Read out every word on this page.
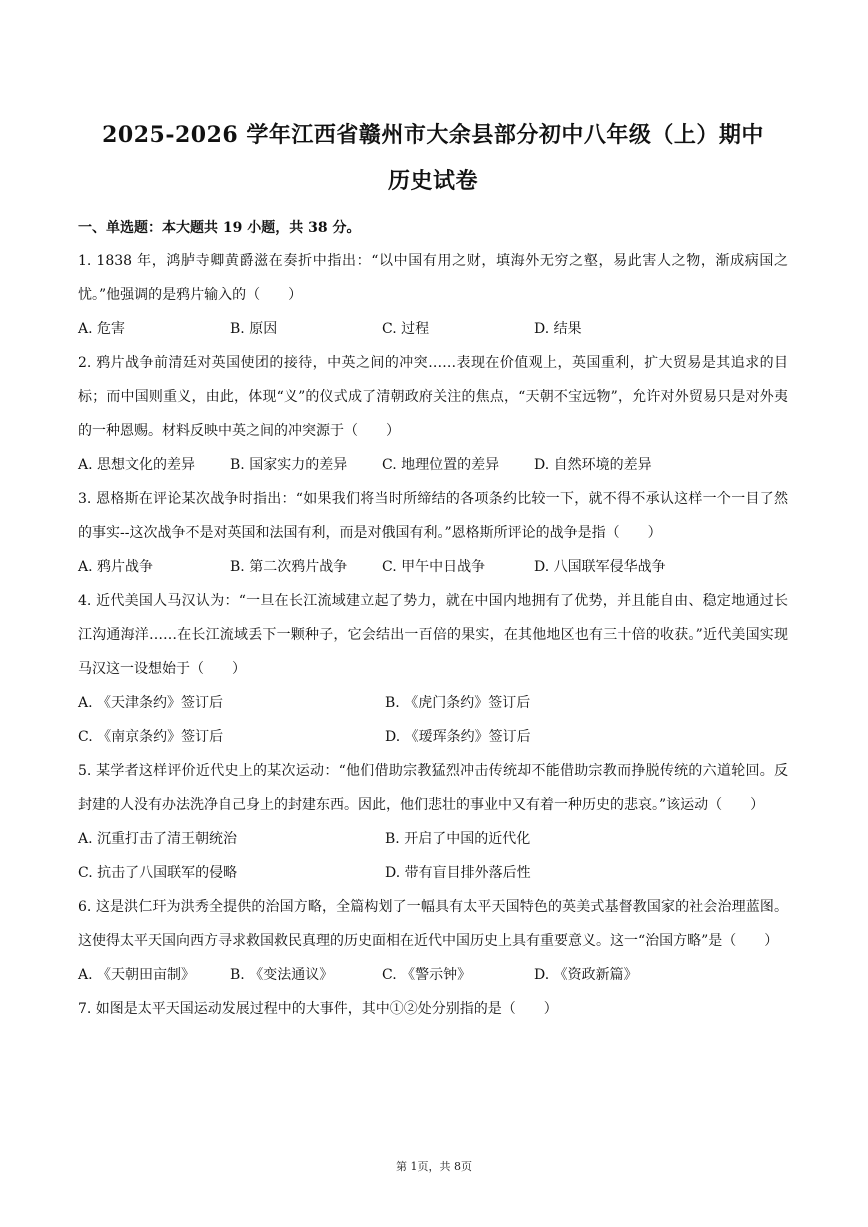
2025-2026 学年江西省赣州市大余县部分初中八年级（上）期中
历史试卷
一、单选题：本大题共 19 小题，共 38 分。

1. 1838 年，鸿胪寺卿黄爵滋在奏折中指出：“以中国有用之财，填海外无穷之壑，易此害人之物，渐成病国之忧。”他强调的是鸦片输入的（　　）

A. 危害	B. 原因	C. 过程	D. 结果

2. 鸦片战争前清廷对英国使团的接待，中英之间的冲突……表现在价值观上，英国重利，扩大贸易是其追求的目标；而中国则重义，由此，体现“义”的仪式成了清朝政府关注的焦点，“天朝不宝远物”，允许对外贸易只是对外夷的一种恩赐。材料反映中英之间的冲突源于（　　）

A. 思想文化的差异	B. 国家实力的差异	C. 地理位置的差异	D. 自然环境的差异

3. 恩格斯在评论某次战争时指出：“如果我们将当时所缔结的各项条约比较一下，就不得不承认这样一个一目了然的事实--这次战争不是对英国和法国有利，而是对俄国有利。”恩格斯所评论的战争是指（　　）

A. 鸦片战争	B. 第二次鸦片战争	C. 甲午中日战争	D. 八国联军侵华战争

4. 近代美国人马汉认为：“一旦在长江流域建立起了势力，就在中国内地拥有了优势，并且能自由、稳定地通过长江沟通海洋……在长江流域丢下一颗种子，它会结出一百倍的果实，在其他地区也有三十倍的收获。”近代美国实现马汉这一设想始于（　　）

A. 《天津条约》签订后	B. 《虎门条约》签订后
C. 《南京条约》签订后	D. 《瑷珲条约》签订后

5. 某学者这样评价近代史上的某次运动：“他们借助宗教猛烈冲击传统却不能借助宗教而挣脱传统的六道轮回。反封建的人没有办法洗净自己身上的封建东西。因此，他们悲壮的事业中又有着一种历史的悲哀。”该运动（　　）

A. 沉重打击了清王朝统治	B. 开启了中国的近代化
C. 抗击了八国联军的侵略	D. 带有盲目排外落后性

6. 这是洪仁玕为洪秀全提供的治国方略，全篇构划了一幅具有太平天国特色的英美式基督教国家的社会治理蓝图。这使得太平天国向西方寻求救国救民真理的历史面相在近代中国历史上具有重要意义。这一“治国方略”是（　　）

A. 《天朝田亩制》	B. 《变法通议》	C. 《警示钟》	D. 《资政新篇》

7. 如图是太平天国运动发展过程中的大事件，其中①②处分别指的是（　　）

第 1页，共 8页
